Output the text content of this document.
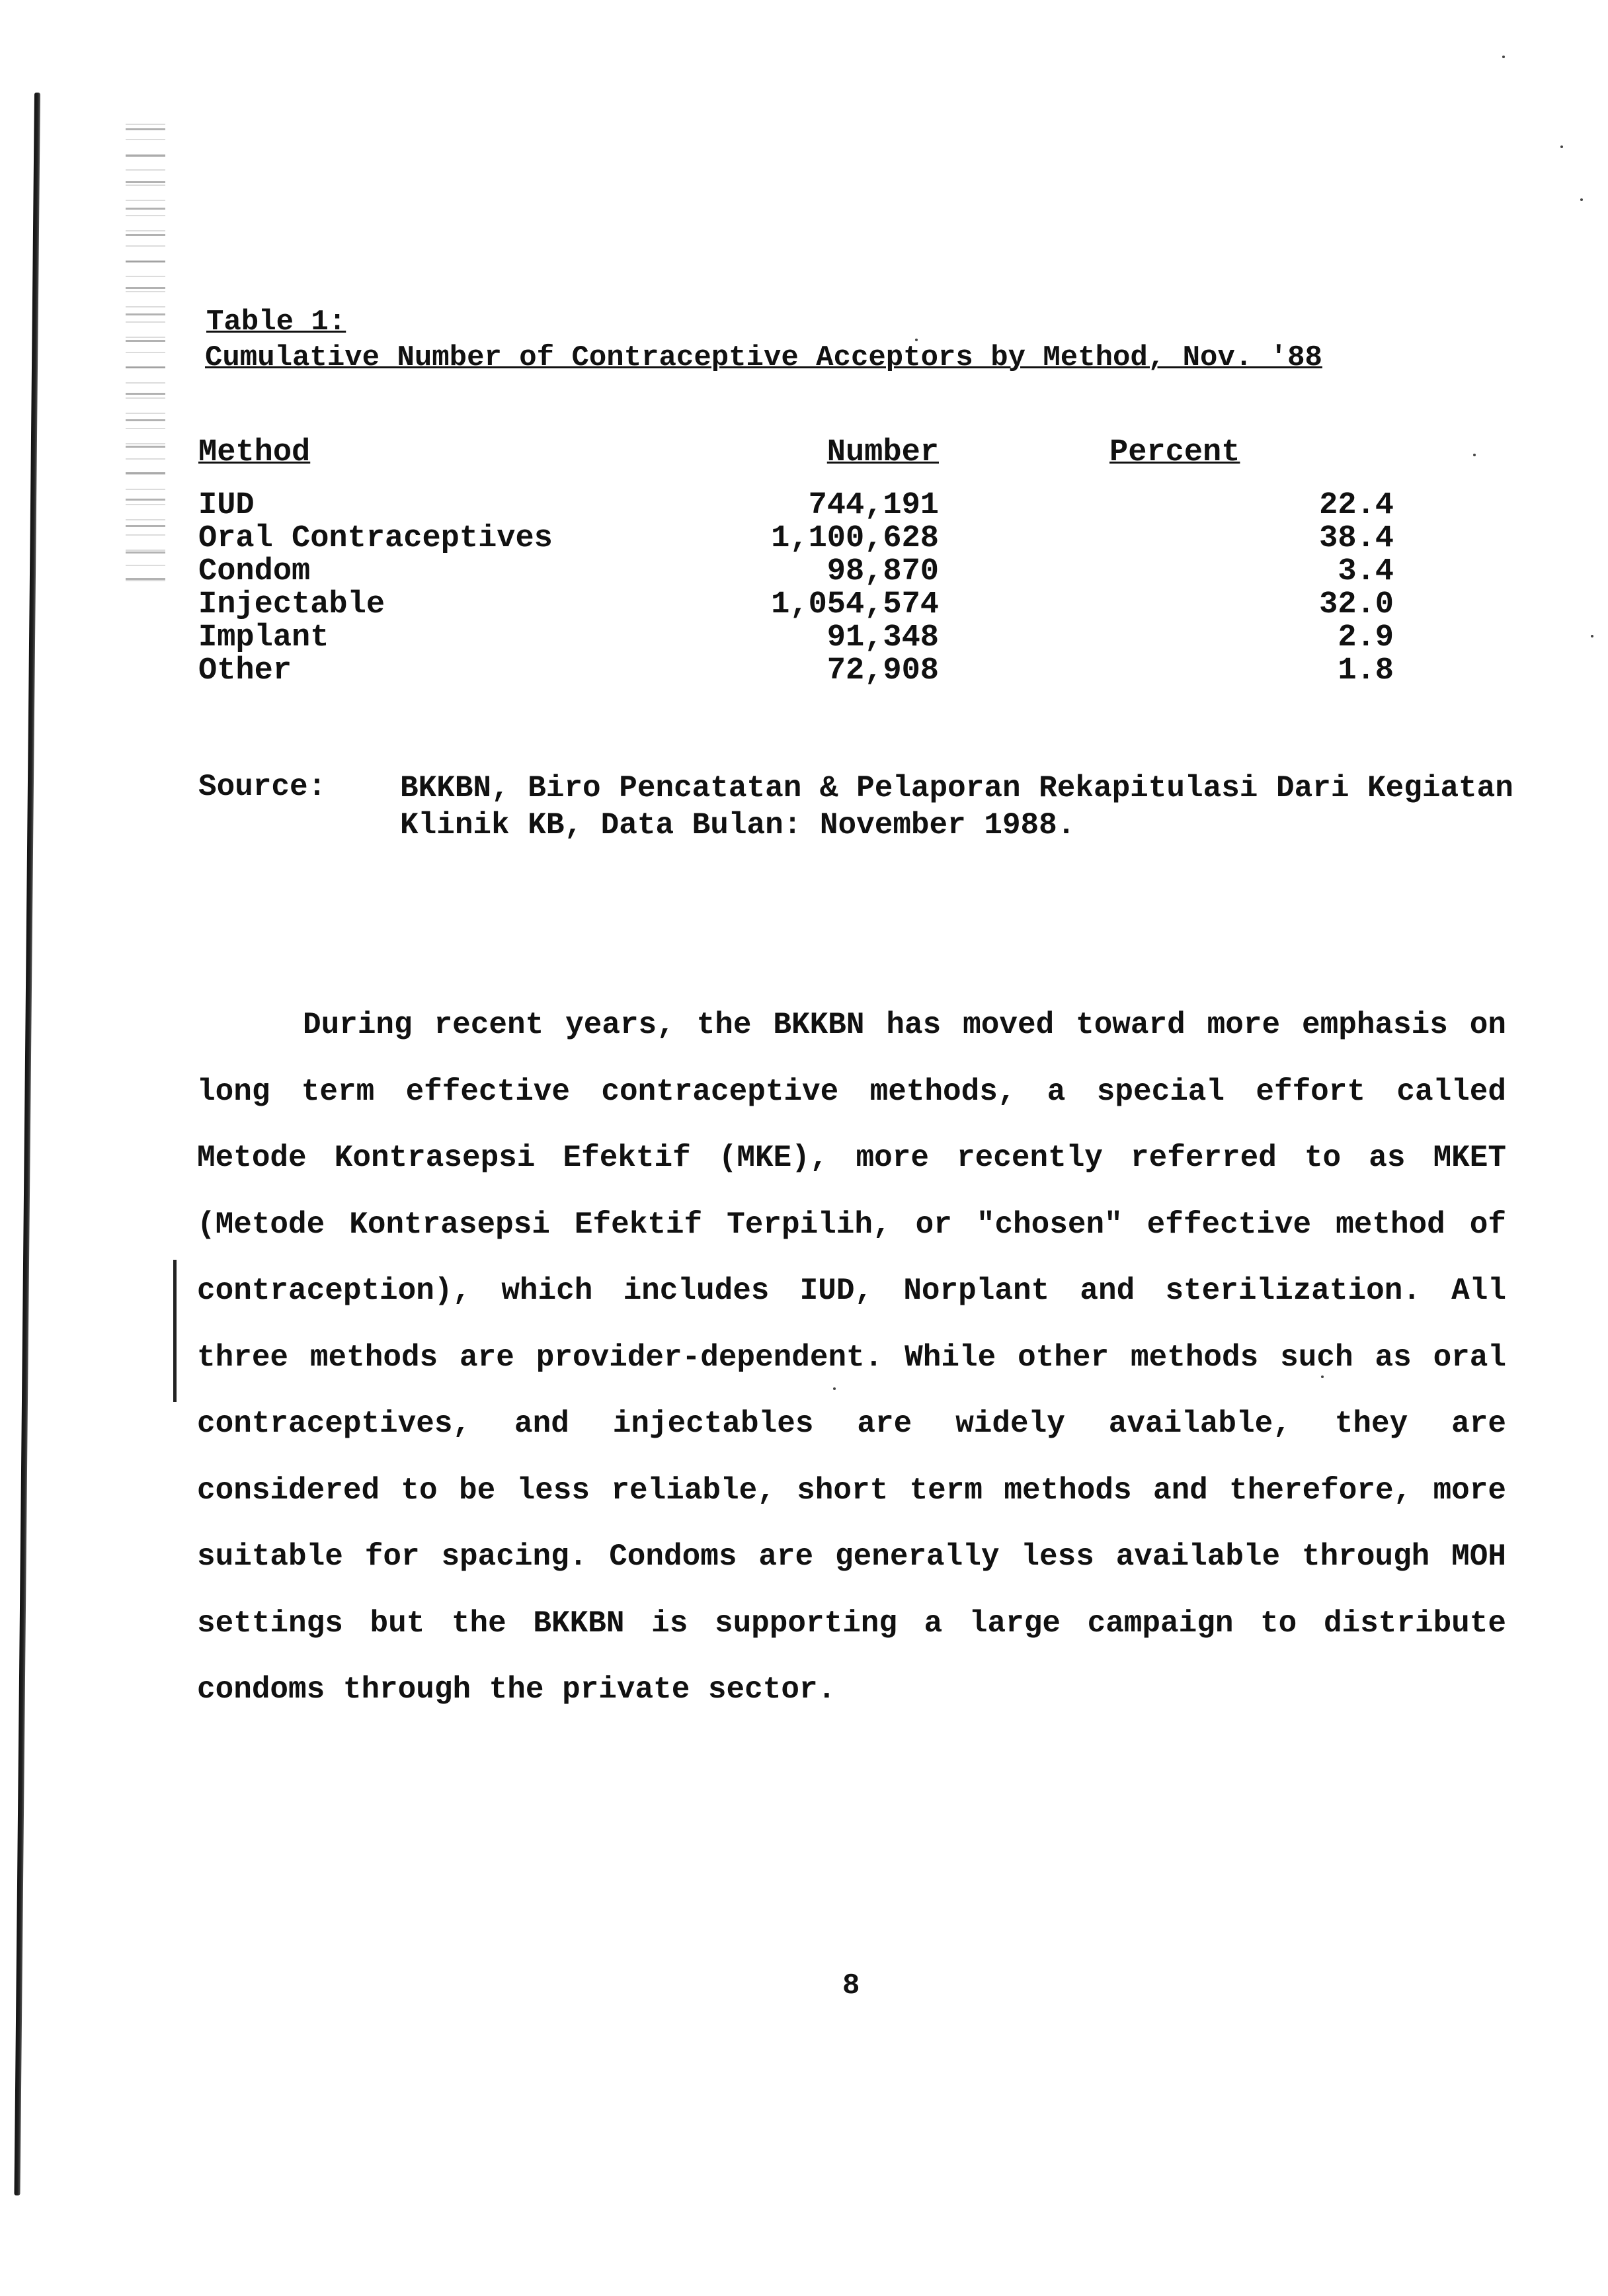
Table 1:
Cumulative Number of Contraceptive Acceptors by Method, Nov. '88
Method	Number	Percent
IUD	744,191	22.4
Oral Contraceptives	1,100,628	38.4
Condom	98,870	3.4
Injectable	1,054,574	32.0
Implant	91,348	2.9
Other	72,908	1.8
Source: BKKBN, Biro Pencatatan & Pelaporan Rekapitulasi Dari Kegiatan Klinik KB, Data Bulan: November 1988.

During recent years, the BKKBN has moved toward more emphasis on long term effective contraceptive methods, a special effort called Metode Kontrasepsi Efektif (MKE), more recently referred to as MKET (Metode Kontrasepsi Efektif Terpilih, or "chosen" effective method of contraception), which includes IUD, Norplant and sterilization. All three methods are provider-dependent. While other methods such as oral contraceptives, and injectables are widely available, they are considered to be less reliable, short term methods and therefore, more suitable for spacing. Condoms are generally less available through MOH settings but the BKKBN is supporting a large campaign to distribute condoms through the private sector.

8
